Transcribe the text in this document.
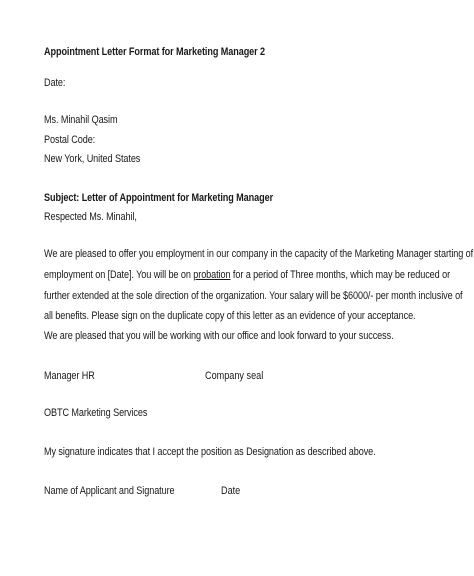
Appointment Letter Format for Marketing Manager 2
Date:
Ms. Minahil Qasim
Postal Code:
New York, United States
Subject: Letter of Appointment for Marketing Manager
Respected Ms. Minahil,
We are pleased to offer you employment in our company in the capacity of the Marketing Manager starting of
employment on [Date]. You will be on probation for a period of Three months, which may be reduced or
further extended at the sole direction of the organization. Your salary will be $6000/- per month inclusive of
all benefits. Please sign on the duplicate copy of this letter as an evidence of your acceptance.
We are pleased that you will be working with our office and look forward to your success.
Manager HR	Company seal
OBTC Marketing Services
My signature indicates that I accept the position as Designation as described above.
Name of Applicant and Signature	Date
